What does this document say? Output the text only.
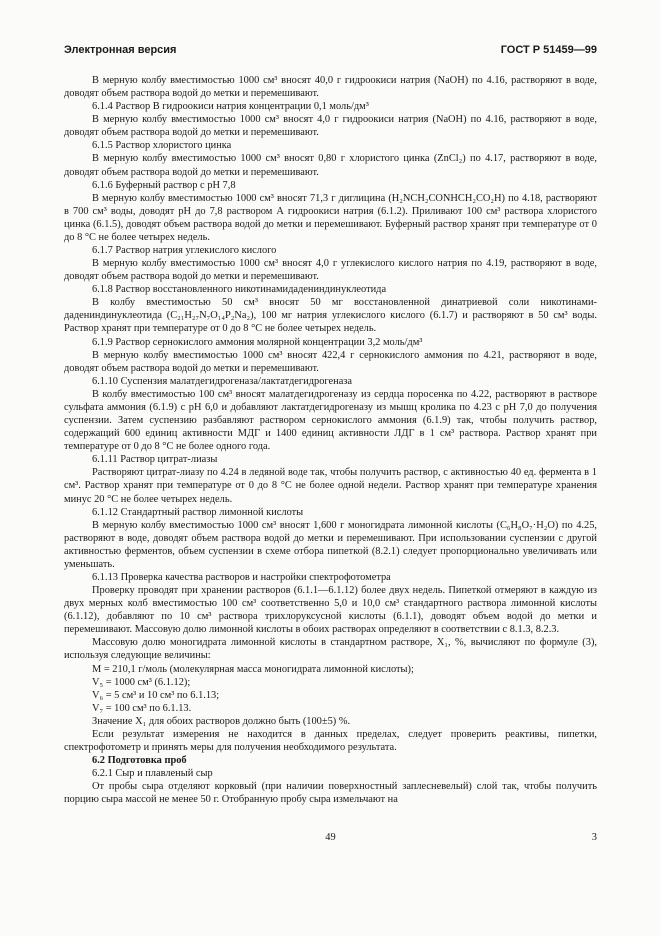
Электронная версия	ГОСТ Р 51459—99

В мерную колбу вместимостью 1000 см³ вносят 40,0 г гидроокиси натрия (NaOH) по 4.16, растворяют в воде, доводят объем раствора водой до метки и перемешивают.

6.1.4 Раствор В гидроокиси натрия концентрации 0,1 моль/дм³

В мерную колбу вместимостью 1000 см³ вносят 4,0 г гидроокиси натрия (NaOH) по 4.16, растворяют в воде, доводят объем раствора водой до метки и перемешивают.

6.1.5 Раствор хлористого цинка

В мерную колбу вместимостью 1000 см³ вносят 0,80 г хлористого цинка (ZnCl₂) по 4.17, растворяют в воде, доводят объем раствора водой до метки и перемешивают.

6.1.6 Буферный раствор с pH 7,8

В мерную колбу вместимостью 1000 см³ вносят 71,3 г диглицина (H₂NCH₂CONHCH₂CO₂H) по 4.18, растворяют в 700 см³ воды, доводят pH до 7,8 раствором А гидроокиси натрия (6.1.2). Приливают 100 см³ раствора хлористого цинка (6.1.5), доводят объем раствора водой до метки и перемешивают. Буферный раствор хранят при температуре от 0 до 8 °С не более четырех недель.

6.1.7 Раствор натрия углекислого кислого

В мерную колбу вместимостью 1000 см³ вносят 4,0 г углекислого кислого натрия по 4.19, растворяют в воде, доводят объем раствора водой до метки и перемешивают.

6.1.8 Раствор восстановленного никотинамидадениндинуклеотида

В колбу вместимостью 50 см³ вносят 50 мг восстановленной динатриевой соли никотинами-дадениндинуклеотида (C₂₁H₂₇N₇O₁₄P₂Na₂), 100 мг натрия углекислого кислого (6.1.7) и растворяют в 50 см³ воды. Раствор хранят при температуре от 0 до 8 °С не более четырех недель.

6.1.9 Раствор сернокислого аммония молярной концентрации 3,2 моль/дм³

В мерную колбу вместимостью 1000 см³ вносят 422,4 г сернокислого аммония по 4.21, растворяют в воде, доводят объем раствора водой до метки и перемешивают.

6.1.10 Суспензия малатдегидрогеназа/лактатдегидрогеназа

В колбу вместимостью 100 см³ вносят малатдегидрогеназу из сердца поросенка по 4.22, растворяют в растворе сульфата аммония (6.1.9) с pH 6,0 и добавляют лактатдегидрогеназу из мышц кролика по 4.23 с pH 7,0 до получения суспензии. Затем суспензию разбавляют раствором сернокислого аммония (6.1.9) так, чтобы получить раствор, содержащий 600 единиц активности МДГ и 1400 единиц активности ЛДГ в 1 см³ раствора. Раствор хранят при температуре от 0 до 8 °С не более одного года.

6.1.11 Раствор цитрат-лиазы

Растворяют цитрат-лиазу по 4.24 в ледяной воде так, чтобы получить раствор, с активностью 40 ед. фермента в 1 см³. Раствор хранят при температуре от 0 до 8 °С не более одной недели. Раствор хранят при температуре хранения минус 20 °С не более четырех недель.

6.1.12 Стандартный раствор лимонной кислоты

В мерную колбу вместимостью 1000 см³ вносят 1,600 г моногидрата лимонной кислоты (C₆H₈O₇·H₂O) по 4.25, растворяют в воде, доводят объем раствора водой до метки и перемешивают. При использовании суспензии с другой активностью ферментов, объем суспензии в схеме отбора пипеткой (8.2.1) следует пропорционально увеличивать или уменьшать.

6.1.13 Проверка качества растворов и настройки спектрофотометра

Проверку проводят при хранении растворов (6.1.1—6.1.12) более двух недель. Пипеткой отмеряют в каждую из двух мерных колб вместимостью 100 см³ соответственно 5,0 и 10,0 см³ стандартного раствора лимонной кислоты (6.1.12), добавляют по 10 см³ раствора трихлоруксусной кислоты (6.1.1), доводят объем водой до метки и перемешивают. Массовую долю лимонной кислоты в обоих растворах определяют в соответствии с 8.1.3, 8.2.3.

Массовую долю моногидрата лимонной кислоты в стандартном растворе, X₁, %, вычисляют по формуле (3), используя следующие величины:

M = 210,1 г/моль (молекулярная масса моногидрата лимонной кислоты);

V₅ = 1000 см³ (6.1.12);

V₆ = 5 см³ и 10 см³ по 6.1.13;

V₇ = 100 см³ по 6.1.13.

Значение X₁ для обоих растворов должно быть (100±5) %.

Если результат измерения не находится в данных пределах, следует проверить реактивы, пипетки, спектрофотометр и принять меры для получения необходимого результата.

6.2 Подготовка проб

6.2.1 Сыр и плавленый сыр

От пробы сыра отделяют корковый (при наличии поверхностный заплесневелый) слой так, чтобы получить порцию сыра массой не менее 50 г. Отобранную пробу сыра измельчают на

49	3
